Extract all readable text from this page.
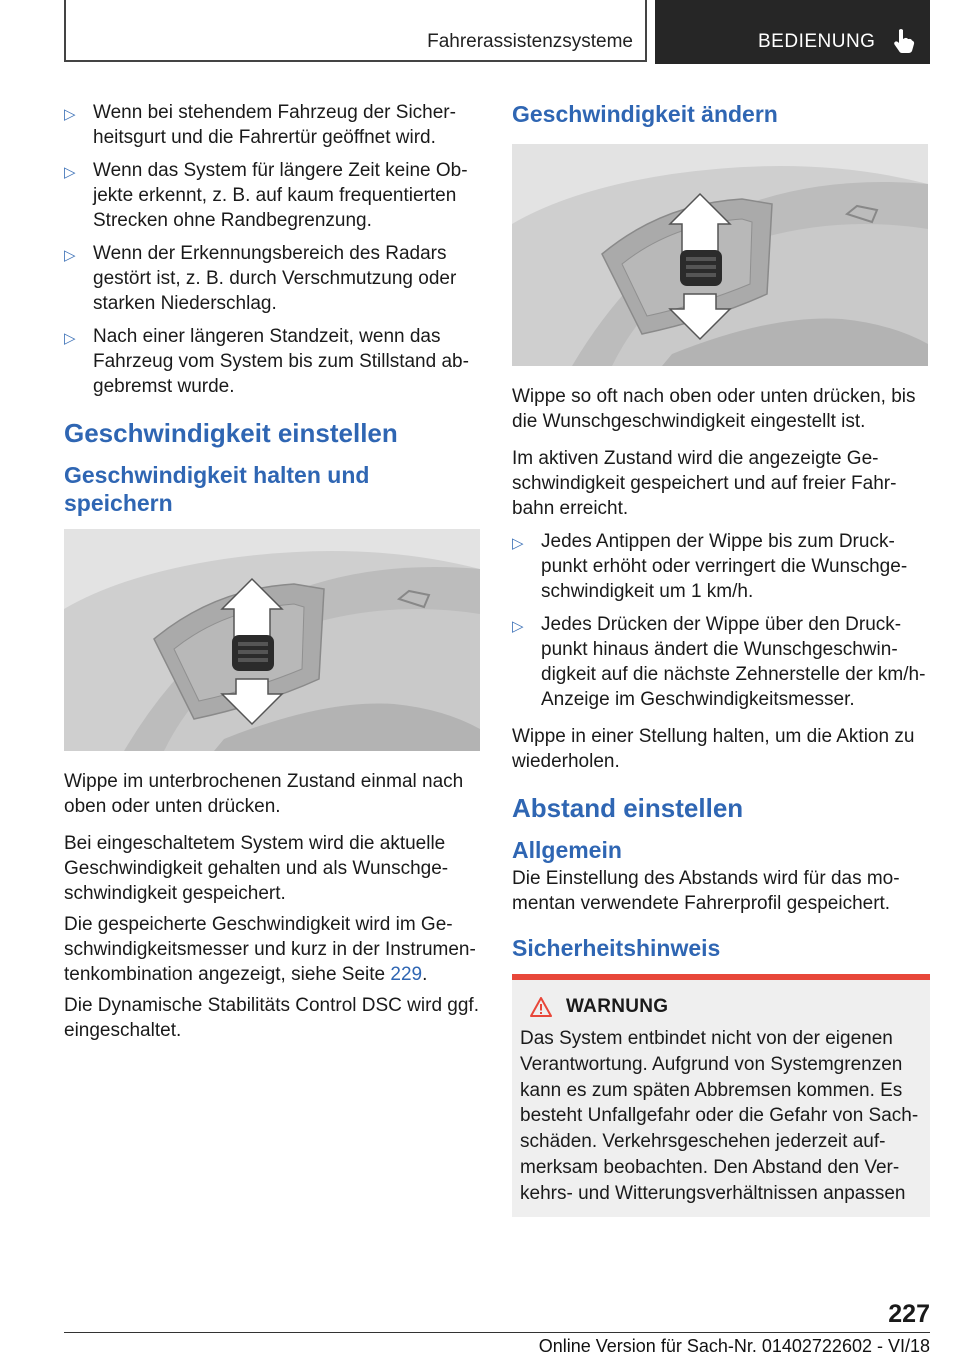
Fahrerassistenzsysteme	BEDIENUNG
▷ Wenn bei stehendem Fahrzeug der Sicherheitsgurt und die Fahrertür geöffnet wird.
▷ Wenn das System für längere Zeit keine Objekte erkennt, z. B. auf kaum frequentierten Strecken ohne Randbegrenzung.
▷ Wenn der Erkennungsbereich des Radars gestört ist, z. B. durch Verschmutzung oder starken Niederschlag.
▷ Nach einer längeren Standzeit, wenn das Fahrzeug vom System bis zum Stillstand abgebremst wurde.
Geschwindigkeit einstellen
Geschwindigkeit halten und speichern

Wippe im unterbrochenen Zustand einmal nach oben oder unten drücken.

Bei eingeschaltetem System wird die aktuelle Geschwindigkeit gehalten und als Wunschgeschwindigkeit gespeichert.

Die gespeicherte Geschwindigkeit wird im Geschwindigkeitsmesser und kurz in der Instrumentenkombination angezeigt, siehe Seite 229.

Die Dynamische Stabilitäts Control DSC wird ggf. eingeschaltet.

Geschwindigkeit ändern

Wippe so oft nach oben oder unten drücken, bis die Wunschgeschwindigkeit eingestellt ist.

Im aktiven Zustand wird die angezeigte Geschwindigkeit gespeichert und auf freier Fahrbahn erreicht.

▷ Jedes Antippen der Wippe bis zum Druckpunkt erhöht oder verringert die Wunschgeschwindigkeit um 1 km/h.
▷ Jedes Drücken der Wippe über den Druckpunkt hinaus ändert die Wunschgeschwindigkeit auf die nächste Zehnerstelle der km/h-Anzeige im Geschwindigkeitsmesser.

Wippe in einer Stellung halten, um die Aktion zu wiederholen.

Abstand einstellen
Allgemein

Die Einstellung des Abstands wird für das momentan verwendete Fahrerprofil gespeichert.

Sicherheitshinweis
WARNUNG

Das System entbindet nicht von der eigenen Verantwortung. Aufgrund von Systemgrenzen kann es zum späten Abbremsen kommen. Es besteht Unfallgefahr oder die Gefahr von Sachschäden. Verkehrsgeschehen jederzeit aufmerksam beobachten. Den Abstand den Verkehrs- und Witterungsverhältnissen anpassen

227
Online Version für Sach-Nr. 01402722602 - VI/18
